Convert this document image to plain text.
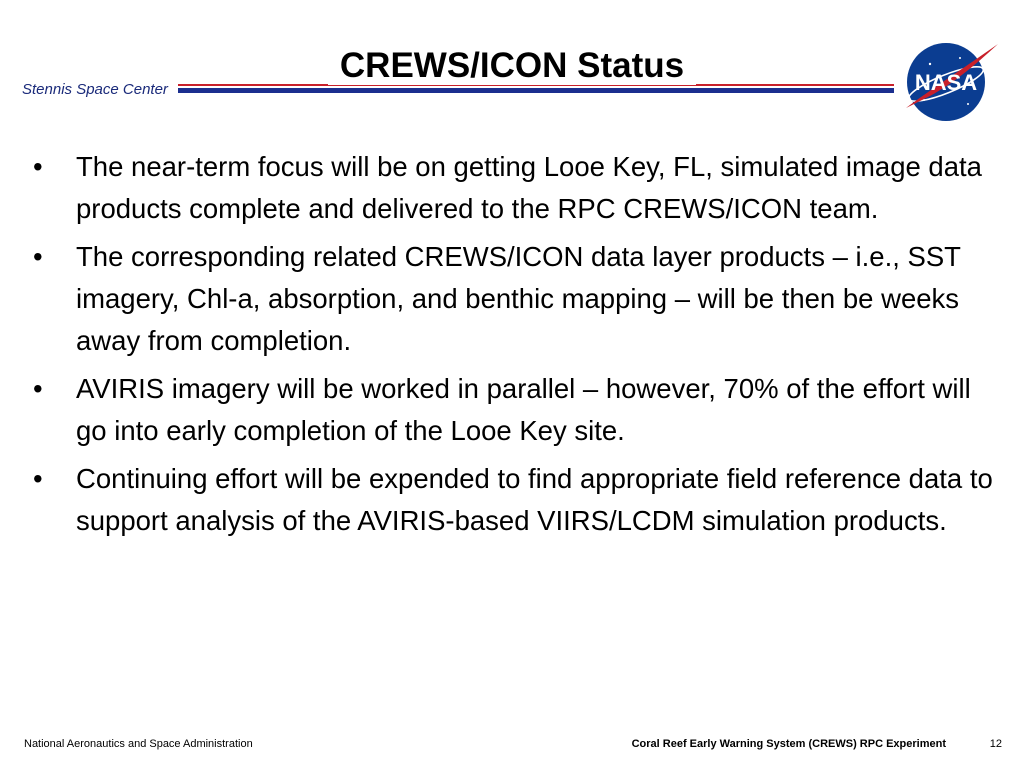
Stennis Space Center
CREWS/ICON Status	NASA
• The near-term focus will be on getting Looe Key, FL, simulated image data products complete and delivered to the RPC CREWS/ICON team.
• The corresponding related CREWS/ICON data layer products – i.e., SST imagery, Chl-a, absorption, and benthic mapping – will be then be weeks away from completion.
• AVIRIS imagery will be worked in parallel – however, 70% of the effort will go into early completion of the Looe Key site.
• Continuing effort will be expended to find appropriate field reference data to support analysis of the AVIRIS-based VIIRS/LCDM simulation products.
National Aeronautics and Space Administration	Coral Reef Early Warning System (CREWS) RPC Experiment	12
